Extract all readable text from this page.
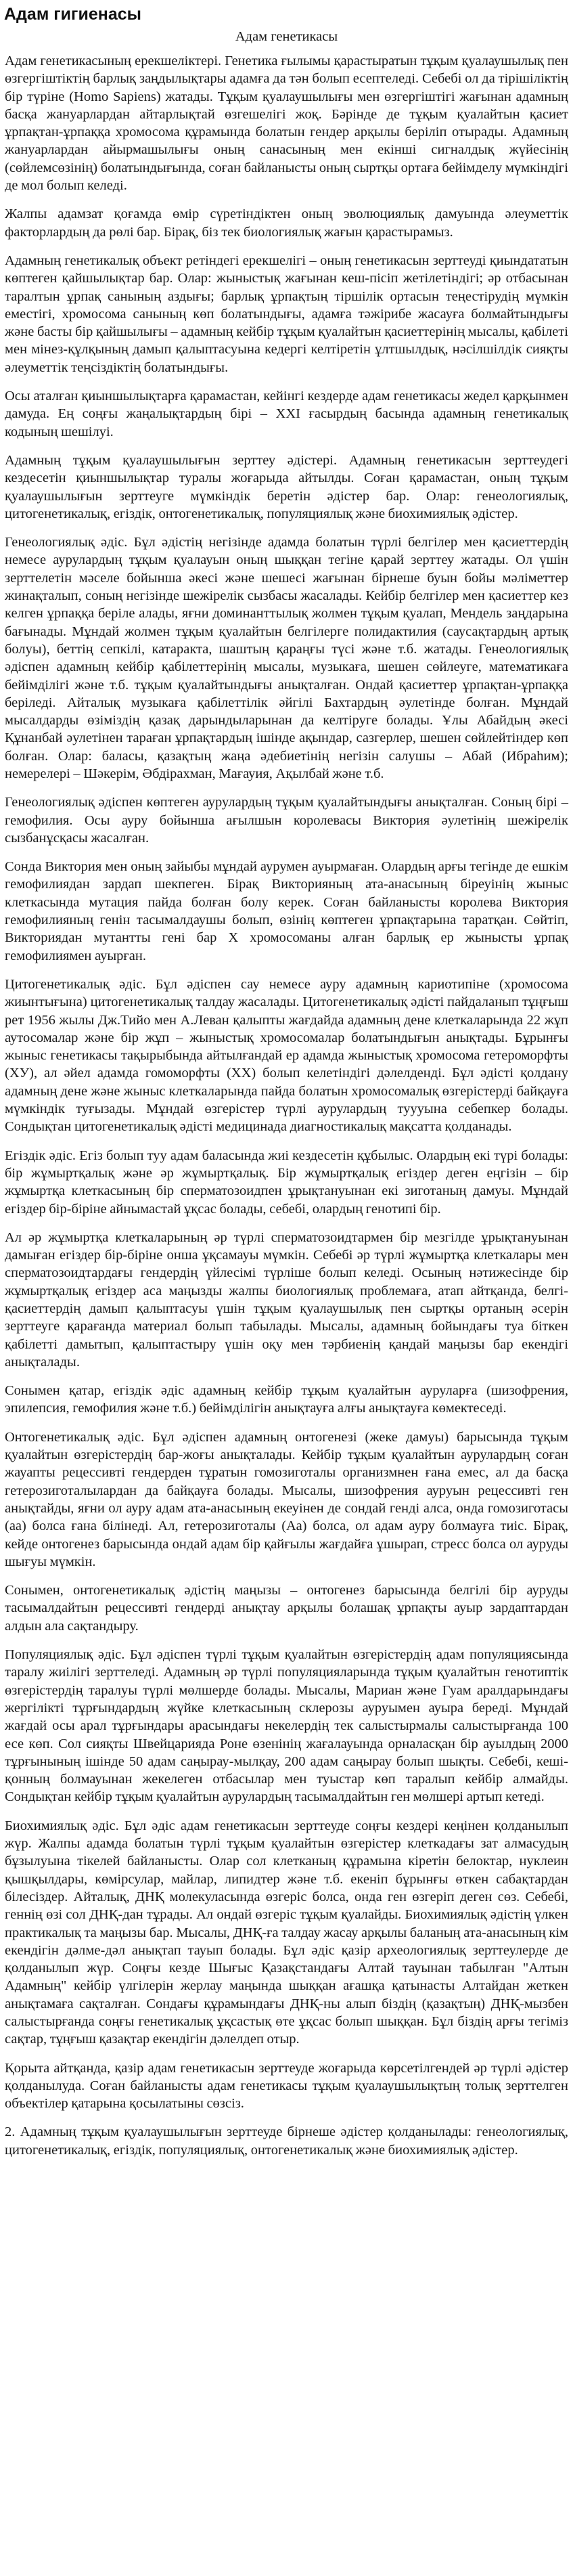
Адам гигиенасы
Адам генетикасы

Адам генетикасының ерекшеліктері. Генетика ғылымы қарастыратын тұқым қуалаушылық пен өзгергіштіктің барлық заңдылықтары адамға да тән болып есептеледі. Себебі ол да тірішіліктің бір түріне (Homo Sapiens) жатады. Тұқым қуалаушылығы мен өзгергіштігі жағынан адамның басқа жануарлардан айтарлықтай өзгешелігі жоқ. Бәрінде де тұқым қуалайтын қасиет ұрпақтан-ұрпаққа хромосома құрамында болатын гендер арқылы беріліп отырады. Адамның жануарлардан айырмашылығы оның санасының мен екінші сигналдық жүйесінің (сөйлемсөзінің) болатындығында, соған байланысты оның сыртқы ортаға бейімделу мүмкіндігі де мол болып келеді.

Жалпы адамзат қоғамда өмір сүретіндіктен оның эволюциялық дамуында әлеуметтік факторлардың да рөлі бар. Бірақ, біз тек биологиялық жағын қарастырамыз.

Адамның генетикалық объект ретіндегі ерекшелігі – оның генетикасын зерттеуді қиындататын көптеген қайшылықтар бар. Олар: жыныстық жағынан кеш-пісіп жетілетіндігі; әр отбасынан таралтын ұрпақ санының аздығы; барлық ұрпақтың тіршілік ортасын теңестірудің мүмкін еместігі, хромосома санының көп болатындығы, адамға тәжірибе жасауға болмайтындығы және басты бір қайшылығы – адамның кейбір тұқым қуалайтын қасиеттерінің мысалы, қабілеті мен мінез-құлқының дамып қалыптасуына кедергі келтіретін ұлтшылдық, нәсілшілдік сияқты әлеуметтік теңсіздіктің болатындығы.

Осы аталған қиыншылықтарға қарамастан, кейінгі кездерде адам генетикасы жедел қарқынмен дамуда. Ең соңғы жаңалықтардың бірі – ХХІ ғасырдың басында адамның генетикалық кодының шешілуі.

Адамның тұқым қуалаушылығын зерттеу әдістері. Адамның генетикасын зерттеудегі кездесетін қиыншылықтар туралы жоғарыда айтылды. Соған қарамастан, оның тұқым қуалаушылығын зерттеуге мүмкіндік беретін әдістер бар. Олар: генеологиялық, цитогенетикалық, егіздік, онтогенетикалық, популяциялық және биохимиялық әдістер.

Генеологиялық әдіс. Бұл әдістің негізінде адамда болатын түрлі белгілер мен қасиеттердің немесе аурулардың тұқым қуалауын оның шыққан тегіне қарай зерттеу жатады. Ол үшін зерттелетін мәселе бойынша әкесі және шешесі жағынан бірнеше буын бойы мәліметтер жинақталып, соның негізінде шежірелік сызбасы жасалады. Кейбір белгілер мен қасиеттер кез келген ұрпаққа беріле алады, яғни доминанттылық жолмен тұқым қуалап, Мендель заңдарына бағынады. Мұндай жолмен тұқым қуалайтын белгілерге полидактилия (саусақтардың артық болуы), беттің сепкілі, катаракта, шаштың қараңғы түсі және т.б. жатады. Генеологиялық әдіспен адамның кейбір қабілеттерінің мысалы, музыкаға, шешен сөйлеуге, математикаға бейімділігі және т.б. тұқым қуалайтындығы анықталған. Ондай қасиеттер ұрпақтан-ұрпаққа беріледі. Айталық музыкаға қабілеттілік әйгілі Бахтардың әулетінде болған. Мұндай мысалдарды өзіміздің қазақ дарындыларынан да келтіруге болады. Ұлы Абайдың әкесі Құнанбай әулетінен тараған ұрпақтардың ішінде ақындар, сазгерлер, шешен сөйлейтіндер көп болған. Олар: баласы, қазақтың жаңа әдебиетінің негізін салушы – Абай (Ибраһим); немерелері – Шәкерім, Әбдірахман, Мағауия, Ақылбай және т.б.

Генеологиялық әдіспен көптеген аурулардың тұқым қуалайтындығы анықталған. Соның бірі – гемофилия. Осы ауру бойынша ағылшын королевасы Виктория әулетінің шежірелік сызбанұсқасы жасалған.

Сонда Виктория мен оның зайыбы мұндай аурумен ауырмаған. Олардың арғы тегінде де ешкім гемофилиядан зардап шекпеген. Бірақ Викторияның ата-анасының біреуінің жыныс клеткасында мутация пайда болған болу керек. Соған байланысты королева Виктория гемофилияның генін тасымалдаушы болып, өзінің көптеген ұрпақтарына таратқан. Сөйтіп, Викториядан мутантты гені бар Х хромосоманы алған барлық ер жынысты ұрпақ гемофилиямен ауырған.

Цитогенетикалық әдіс. Бұл әдіспен сау немесе ауру адамның кариотипіне (хромосома жиынтығына) цитогенетикалық талдау жасалады. Цитогенетикалық әдісті пайдаланып тұңғыш рет 1956 жылы Дж.Тийо мен А.Леван қалыпты жағдайда адамның дене клеткаларында 22 жұп аутосомалар және бір жұп – жыныстық хромосомалар болатындығын анықтады. Бұрынғы жыныс генетикасы тақырыбында айтылғандай ер адамда жыныстық хромосома гетероморфты (ХУ), ал әйел адамда гомоморфты (ХХ) болып келетіндігі дәлелденді. Бұл әдісті қолдану адамның дене және жыныс клеткаларында пайда болатын хромосомалық өзгерістерді байқауға мүмкіндік туғызады. Мұндай өзгерістер түрлі аурулардың туууына себепкер болады. Сондықтан цитогенетикалық әдісті медицинада диагностикалық мақсатта қолданады.

Егіздік әдіс. Егіз болып туу адам баласында жиі кездесетін құбылыс. Олардың екі түрі болады: бір жұмыртқалық және әр жұмыртқалық. Бір жұмыртқалық егіздер деген еңгізін – бір жұмыртқа клеткасының бір сперматозоидпен ұрықтануынан екі зиготаның дамуы. Мұндай егіздер бір-біріне айнымастай ұқсас болады, себебі, олардың генотипі бір.

Ал әр жұмыртқа клеткаларының әр түрлі сперматозоидтармен бір мезгілде ұрықтануынан дамыған егіздер бір-біріне онша ұқсамауы мүмкін. Себебі әр түрлі жұмыртқа клеткалары мен сперматозоидтардағы гендердің үйлесімі түрліше болып келеді. Осының нәтижесінде бір жұмыртқалық егіздер аса маңызды жалпы биологиялық проблемаға, атап айтқанда, белгі-қасиеттердің дамып қалыптасуы үшін тұқым қуалаушылық пен сыртқы ортаның әсерін зерттеуге қарағанда материал болып табылады. Мысалы, адамның бойындағы туа біткен қабілетті дамытып, қалыптастыру үшін оқу мен тәрбиенің қандай маңызы бар екендігі анықталады.

Сонымен қатар, егіздік әдіс адамның кейбір тұқым қуалайтын ауруларға (шизофрения, эпилепсия, гемофилия және т.б.) бейімділігін анықтауға алғы анықтауға көмектеседі.

Онтогенетикалық әдіс. Бұл әдіспен адамның онтогенезі (жеке дамуы) барысында тұқым қуалайтын өзгерістердің бар-жоғы анықталады. Кейбір тұқым қуалайтын аурулардың соған жауапты рецессивті гендерден тұратын гомозиготалы организмнен ғана емес, ал да басқа гетерозиготалылардан да байқауға болады. Мысалы, шизофрения ауруын рецессивті ген анықтайды, яғни ол ауру адам ата-анасының екеуінен де сондай генді алса, онда гомозиготасы (аа) болса ғана білінеді. Ал, гетерозиготалы (Аа) болса, ол адам ауру болмауға тиіс. Бірақ, кейде онтогенез барысында ондай адам бір қайғылы жағдайға ұшырап, стресс болса ол ауруды шығуы мүмкін.

Сонымен, онтогенетикалық әдістің маңызы – онтогенез барысында белгілі бір ауруды тасымалдайтын рецессивті гендерді анықтау арқылы болашақ ұрпақты ауыр зардаптардан алдын ала сақтандыру.

Популяциялық әдіс. Бұл әдіспен түрлі тұқым қуалайтын өзгерістердің адам популяциясында таралу жиілігі зерттеледі. Адамның әр түрлі популяцияларында тұқым қуалайтын генотиптік өзгерістердің таралуы түрлі мөлшерде болады. Мысалы, Мариан және Гуам аралдарындағы жергілікті тұрғындардың жүйке клеткасының склерозы ауруымен ауыра береді. Мұндай жағдай осы арал тұрғындары арасындағы некелердің тек салыстырмалы салыстырғанда 100 есе көп. Сол сияқты Швейцарияда Роне өзенінің жағалауында орналасқан бір ауылдың 2000 тұрғынының ішінде 50 адам саңырау-мылқау, 200 адам саңырау болып шықты. Себебі, кеші-қонның болмауынан жекелеген отбасылар мен туыстар көп таралып кейбір алмайды. Сондықтан кейбір тұқым қуалайтын аурулардың тасымалдайтын ген мөлшері артып кетеді.

Биохимиялық әдіс. Бұл әдіс адам генетикасын зерттеуде соңғы кездері кеңінен қолданылып жүр. Жалпы адамда болатын түрлі тұқым қуалайтын өзгерістер клеткадағы зат алмасудың бұзылуына тікелей байланысты. Олар сол клетканың құрамына кіретін белоктар, нуклеин қышқылдары, көмірсулар, майлар, липидтер және т.б. екеніп бұрынғы өткен сабақтардан білесіздер. Айталық, ДНҚ молекуласында өзгеріс болса, онда ген өзгеріп деген сөз. Себебі, геннің өзі сол ДНҚ-дан тұрады. Ал ондай өзгеріс тұқым қуалайды. Биохимиялық әдістің үлкен практикалық та маңызы бар. Мысалы, ДНҚ-ға талдау жасау арқылы баланың ата-анасының кім екендігін дәлме-дәл анықтап тауып болады. Бұл әдіс қазір археологиялық зерттеулерде де қолданылып жүр. Соңғы кезде Шығыс Қазақстандағы Алтай тауынан табылған "Алтын Адамның" кейбір үлгілерін жерлау маңында шыққан ағашқа қатынасты Алтайдан жеткен анықтамаға сақталған. Сондағы құрамындағы ДНҚ-ны алып біздің (қазақтың) ДНҚ-мызбен салыстырғанда соңғы генетикалық ұқсастық өте ұқсас болып шыққан. Бұл біздің арғы тегіміз сақтар, тұңғыш қазақтар екендігін дәлелдеп отыр.

Қорыта айтқанда, қазір адам генетикасын зерттеуде жоғарыда көрсетілгендей әр түрлі әдістер қолданылуда. Соған байланысты адам генетикасы тұқым қуалаушылықтың толық зерттелген объектілер қатарына қосылатыны сөзсіз.

2. Адамның тұқым қуалаушылығын зерттеуде бірнеше әдістер қолданылады: генеологиялық, цитогенетикалық, егіздік, популяциялық, онтогенетикалық және биохимиялық әдістер.
